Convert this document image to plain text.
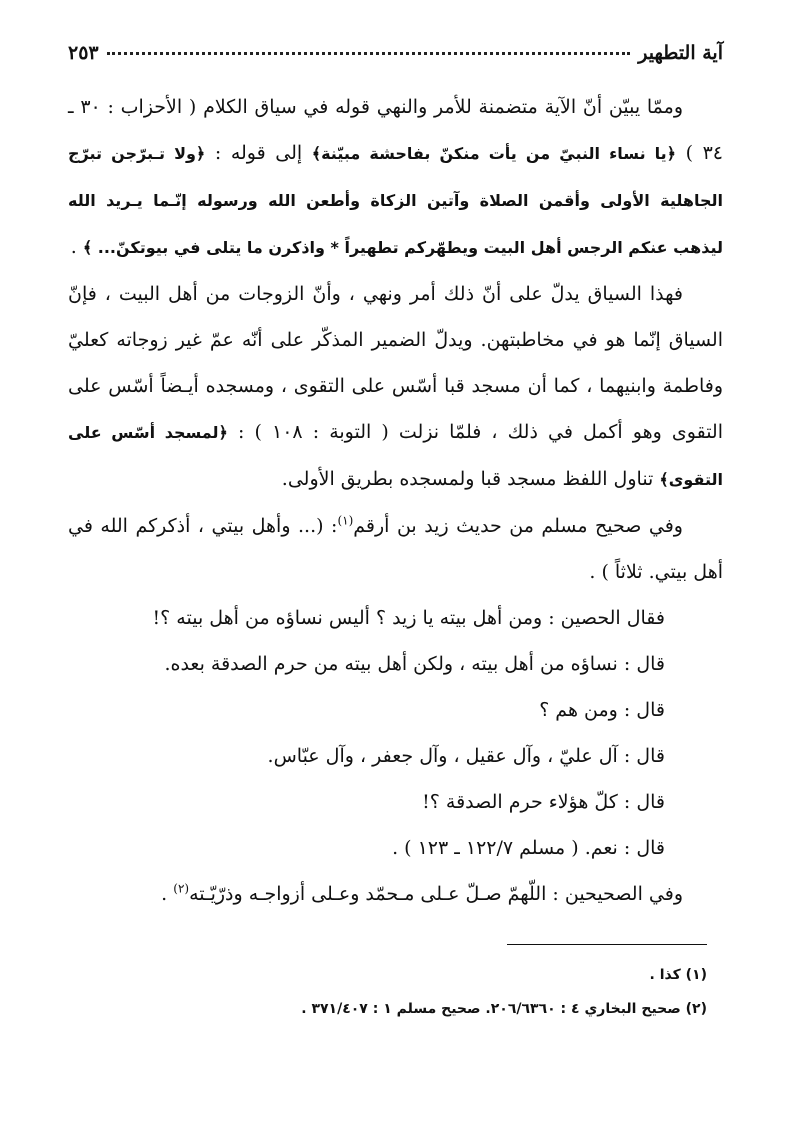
آية التطهير
٢٥٣

وممّا يبيّن أنّ الآية متضمنة للأمر والنهي قوله في سياق الكلام ( الأحزاب : ٣٠ ـ ٣٤ ) ﴿يا نساء النبيّ من يأت منكنّ بفاحشة مبيّنة﴾ إلى قوله : ﴿ولا تـبرّجن تبرّج الجاهلية الأولى وأقمن الصلاة وآتين الزكاة وأطعن الله ورسوله إنّـما يـريد الله ليذهب عنكم الرجس أهل البيت ويطهّركم تطهيراً * واذكرن ما يتلى في بيوتكنّ... ﴾ .

فهذا السياق يدلّ على أنّ ذلك أمر ونهي ، وأنّ الزوجات من أهل البيت ، فإنّ السياق إنّما هو في مخاطبتهن. ويدلّ الضمير المذكّر على أنّه عمّ غير زوجاته كعليّ وفاطمة وابنيهما ، كما أن مسجد قبا أسّس على التقوى ، ومسجده أيـضاً أسّس على التقوى وهو أكمل في ذلك ، فلمّا نزلت ( التوبة : ١٠٨ ) : ﴿لمسجد أسّس على التقوى﴾ تناول اللفظ مسجد قبا ولمسجده بطريق الأولى.

وفي صحيح مسلم من حديث زيد بن أرقم$^{(١)}$: (... وأهل بيتي ، أذكركم الله في أهل بيتي. ثلاثاً ) .

فقال الحصين : ومن أهل بيته يا زيد ؟ أليس نساؤه من أهل بيته ؟!

قال : نساؤه من أهل بيته ، ولكن أهل بيته من حرم الصدقة بعده.

قال : ومن هم ؟

قال : آل عليّ ، وآل عقيل ، وآل جعفر ، وآل عبّاس.

قال : كلّ هؤلاء حرم الصدقة ؟!

قال : نعم. ( مسلم ١٢٢/٧ ـ ١٢٣ ) .

وفي الصحيحين : اللّهمّ صـلّ عـلى مـحمّد وعـلى أزواجـه وذرّيّـته$^{(٢)}$ .

(١) كذا .
(٢) صحيح البخاري ٤ : ٢٠٦/٦٣٦٠. صحيح مسلم ١ : ٣٧١/٤٠٧ .
